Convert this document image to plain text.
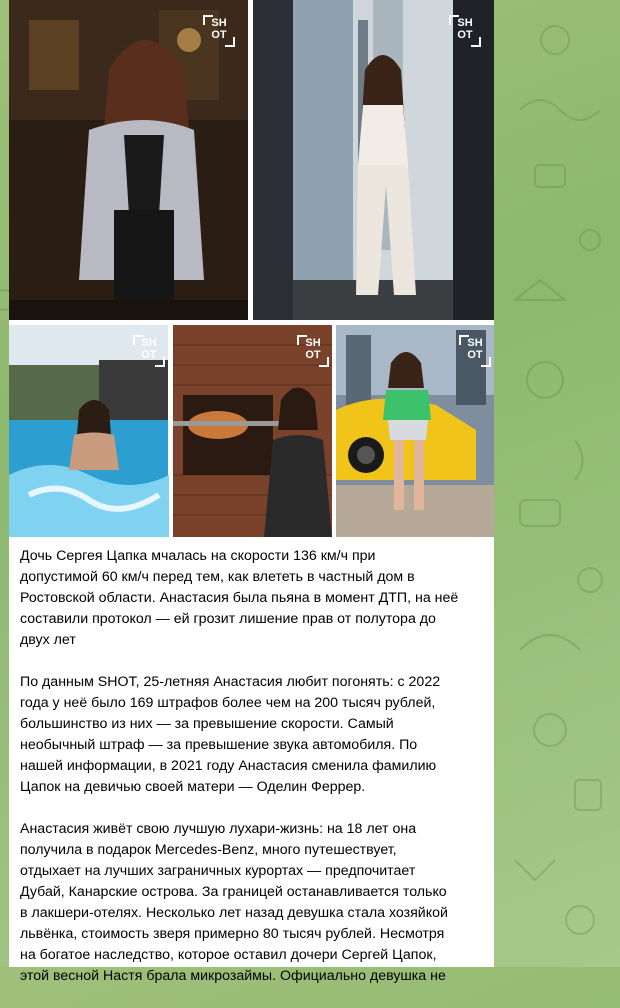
SH
OT
SH
OT
SH
OT
SH
OT
SH
OT

Дочь Сергея Цапка мчалась на скорости 136 км/ч при
допустимой 60 км/ч перед тем, как влететь в частный дом в
Ростовской области. Анастасия была пьяна в момент ДТП, на неё
составили протокол — ей грозит лишение прав от полутора до
двух лет

По данным SHOT, 25-летняя Анастасия любит погонять: с 2022
года у неё было 169 штрафов более чем на 200 тысяч рублей,
большинство из них — за превышение скорости. Самый
необычный штраф — за превышение звука автомобиля. По
нашей информации, в 2021 году Анастасия сменила фамилию
Цапок на девичью своей матери — Оделин Феррер.

Анастасия живёт свою лучшую лухари-жизнь: на 18 лет она
получила в подарок Mercedes-Benz, много путешествует,
отдыхает на лучших заграничных курортах — предпочитает
Дубай, Канарские острова. За границей останавливается только
в лакшери-отелях. Несколько лет назад девушка стала хозяйкой
львёнка, стоимость зверя примерно 80 тысяч рублей. Несмотря
на богатое наследство, которое оставил дочери Сергей Цапок,
этой весной Настя брала микрозаймы. Официально девушка не
